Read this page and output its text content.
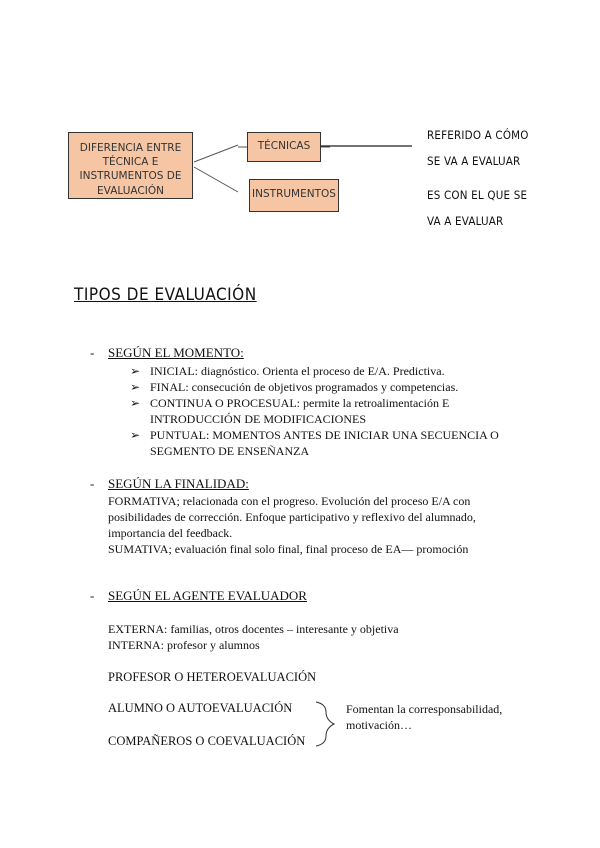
DIFERENCIA ENTRE TÉCNICA E INSTRUMENTOS DE EVALUACIÓN
TÉCNICAS
INSTRUMENTOS
REFERIDO A CÓMO SE VA A EVALUAR
ES CON EL QUE SE VA A EVALUAR
TIPOS DE EVALUACIÓN
- SEGÚN EL MOMENTO:
➢ INICIAL: diagnóstico. Orienta el proceso de E/A. Predictiva.
➢ FINAL: consecución de objetivos programados y competencias.
➢ CONTINUA O PROCESUAL: permite la retroalimentación E INTRODUCCIÓN DE MODIFICACIONES
➢ PUNTUAL: MOMENTOS ANTES DE INICIAR UNA SECUENCIA O SEGMENTO DE ENSEÑANZA
- SEGÚN LA FINALIDAD:
FORMATIVA; relacionada con el progreso. Evolución del proceso E/A con posibilidades de corrección. Enfoque participativo y reflexivo del alumnado, importancia del feedback.
SUMATIVA; evaluación final solo final, final proceso de EA— promoción
- SEGÚN EL AGENTE EVALUADOR
EXTERNA: familias, otros docentes – interesante y objetiva
INTERNA: profesor y alumnos
PROFESOR O HETEROEVALUACIÓN
ALUMNO O AUTOEVALUACIÓN
COMPAÑEROS O COEVALUACIÓN
Fomentan la corresponsabilidad, motivación…
